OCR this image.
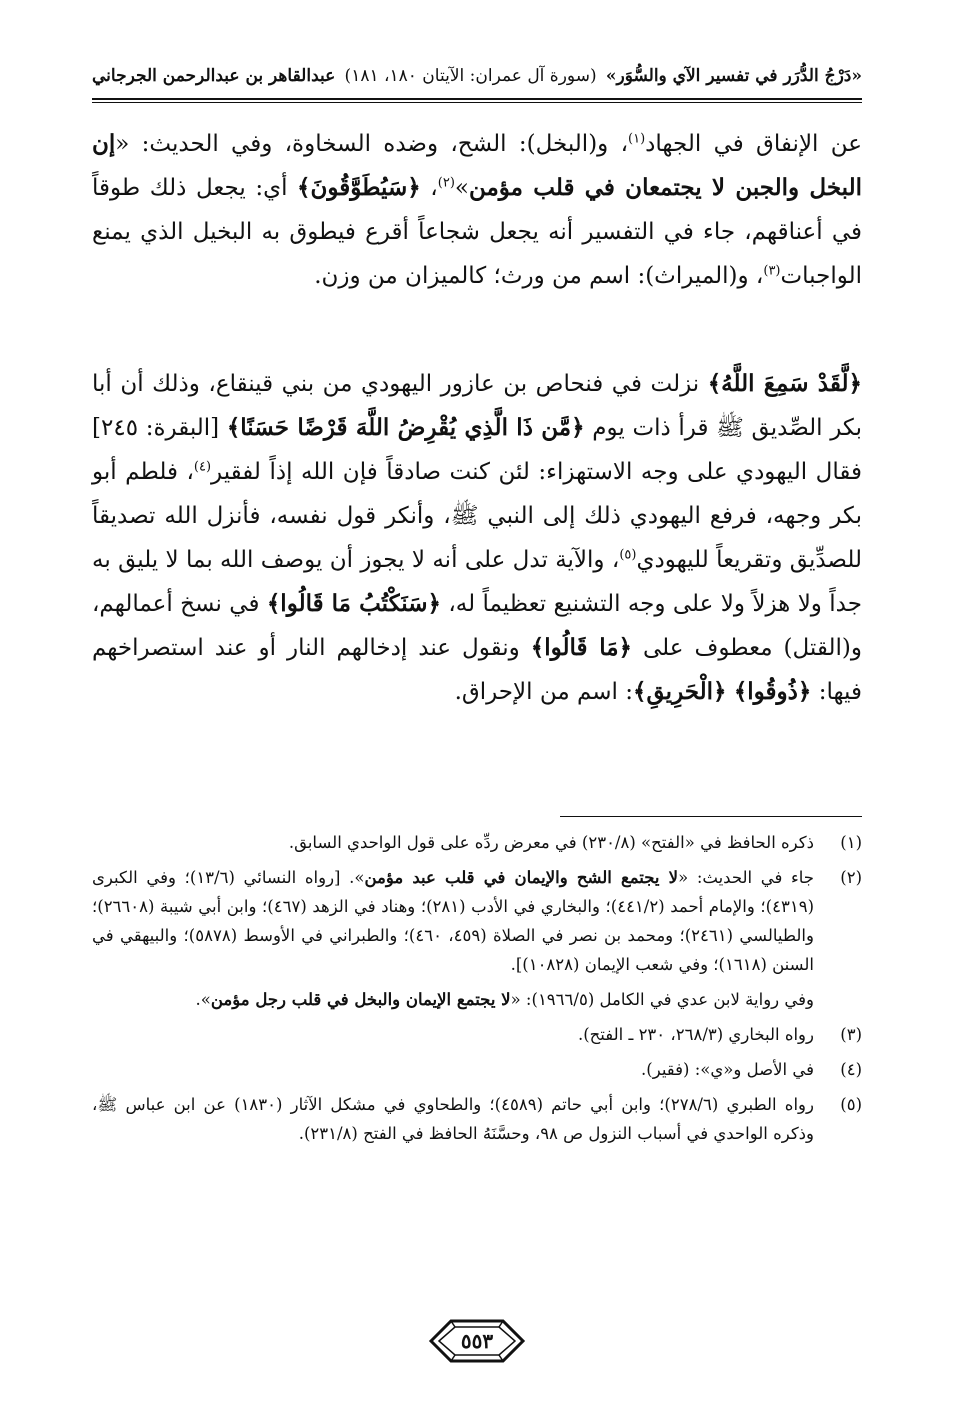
«دَرْجُ الدُّرَر في تفسير الآي والسُّوَر»
(سورة آل عمران: الآيتان ١٨٠، ١٨١)
عبدالقاهر بن عبدالرحمن الجرجاني
عن الإنفاق في الجهاد$^{(١)}$، و(البخل): الشح، وضده السخاوة، وفي الحديث: «إن البخل والجبن لا يجتمعان في قلب مؤمن»$^{(٢)}$، ﴿سَيُطَوَّقُونَ﴾ أي: يجعل ذلك طوقاً في أعناقهم، جاء في التفسير أنه يجعل شجاعاً أقرع فيطوق به البخيل الذي يمنع الواجبات$^{(٣)}$، و(الميراث): اسم من ورث؛ كالميزان من وزن.
﴿لَّقَدْ سَمِعَ اللَّهُ﴾ نزلت في فنحاص بن عازور اليهودي من بني قينقاع، وذلك أن أبا بكر الصِّديق ﷺ قرأ ذات يوم ﴿مَّن ذَا الَّذِي يُقْرِضُ اللَّهَ قَرْضًا حَسَنًا﴾ [البقرة: ٢٤٥] فقال اليهودي على وجه الاستهزاء: لئن كنت صادقاً فإن الله إذاً لفقير$^{(٤)}$، فلطم أبو بكر وجهه، فرفع اليهودي ذلك إلى النبي ﷺ، وأنكر قول نفسه، فأنزل الله تصديقاً للصدِّيق وتقريعاً لليهودي$^{(٥)}$، والآية تدل على أنه لا يجوز أن يوصف الله بما لا يليق به جداً ولا هزلاً ولا على وجه التشنيع تعظيماً له، ﴿سَنَكْتُبُ مَا قَالُوا﴾ في نسخ أعمالهم، و(القتل) معطوف على ﴿مَا قَالُوا﴾ ونقول عند إدخالهم النار أو عند استصراخهم فيها: ﴿ذُوقُوا﴾ ﴿الْحَرِيقِ﴾: اسم من الإحراق.
(١)
ذكره الحافظ في «الفتح» (٢٣٠/٨) في معرض ردِّه على قول الواحدي السابق.
(٢)
جاء في الحديث: «لا يجتمع الشح والإيمان في قلب عبد مؤمن». [رواه النسائي (١٣/٦)؛ وفي الكبرى (٤٣١٩)؛ والإمام أحمد (٤٤١/٢)؛ والبخاري في الأدب (٢٨١)؛ وهناد في الزهد (٤٦٧)؛ وابن أبي شيبة (٢٦٦٠٨)؛ والطيالسي (٢٤٦١)؛ ومحمد بن نصر في الصلاة (٤٥٩، ٤٦٠)؛ والطبراني في الأوسط (٥٨٧٨)؛ والبيهقي في السنن (١٦١٨)؛ وفي شعب الإيمان (١٠٨٢٨)].
وفي رواية لابن عدي في الكامل (١٩٦٦/٥): «لا يجتمع الإيمان والبخل في قلب رجل مؤمن».
(٣)
رواه البخاري (٢٦٨/٣، ٢٣٠ ـ الفتح).
(٤)
في الأصل و«ي»: (فقير).
(٥)
رواه الطبري (٢٧٨/٦)؛ وابن أبي حاتم (٤٥٨٩)؛ والطحاوي في مشكل الآثار (١٨٣٠) عن ابن عباس ﷺ، وذكره الواحدي في أسباب النزول ص ٩٨، وحسَّنَهُ الحافظ في الفتح (٢٣١/٨).
٥٥٣
